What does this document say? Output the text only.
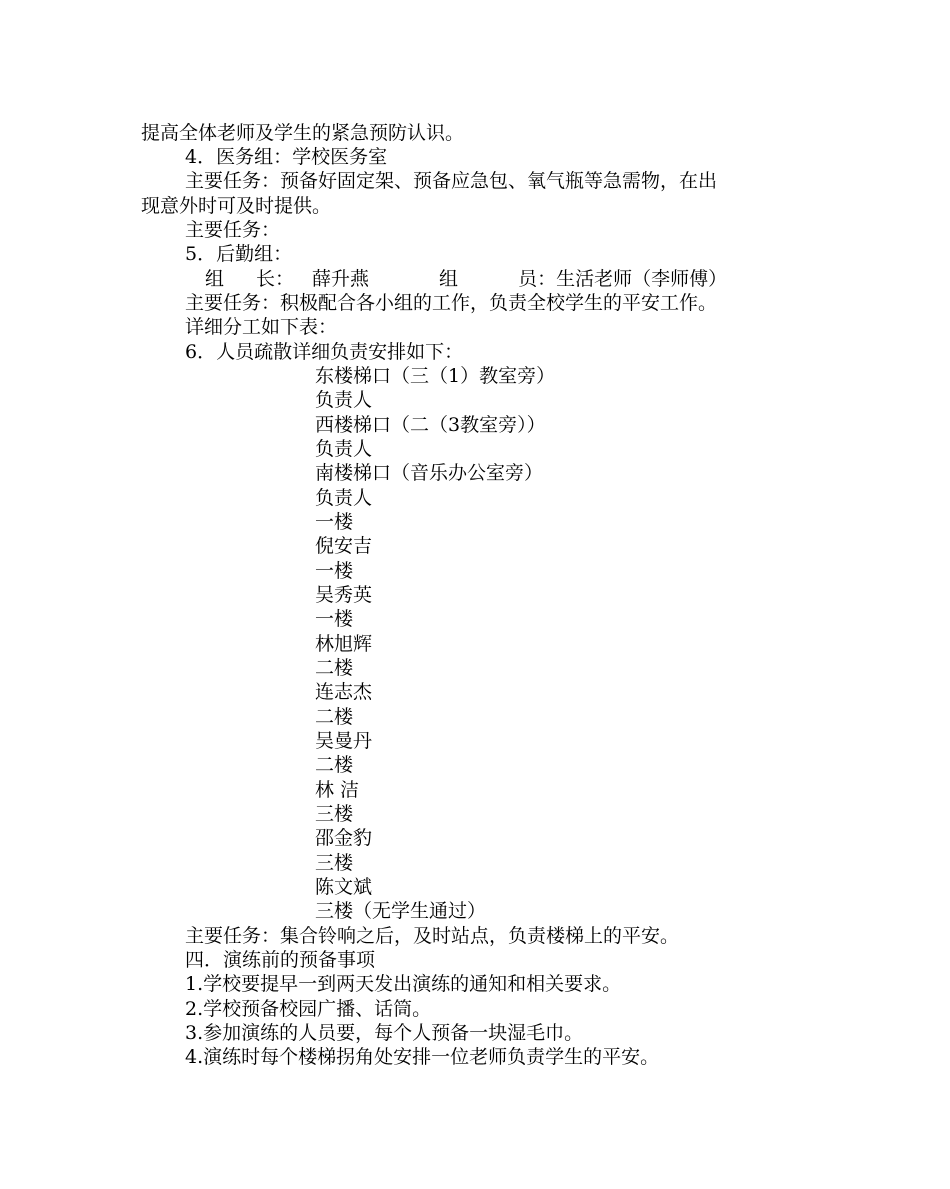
提高全体老师及学生的紧急预防认识。
4．医务组：学校医务室
主要任务：预备好固定架、预备应急包、氧气瓶等急需物，在出
现意外时可及时提供。
主要任务：
5．后勤组：
组 长： 薛升燕	组	员：生活老师（李师傅）
主要任务：积极配合各小组的工作，负责全校学生的平安工作。
详细分工如下表：
6．人员疏散详细负责安排如下：
东楼梯口（三（1）教室旁）
负责人
西楼梯口（二（3教室旁））
负责人
南楼梯口（音乐办公室旁）
负责人
一楼
倪安吉
一楼
吴秀英
一楼
林旭辉
二楼
连志杰
二楼
吴曼丹
二楼
林 洁
三楼
邵金豹
三楼
陈文斌
三楼（无学生通过）
主要任务：集合铃响之后，及时站点，负责楼梯上的平安。
四．演练前的预备事项
1.学校要提早一到两天发出演练的通知和相关要求。
2.学校预备校园广播、话筒。
3.参加演练的人员要，每个人预备一块湿毛巾。
4.演练时每个楼梯拐角处安排一位老师负责学生的平安。
